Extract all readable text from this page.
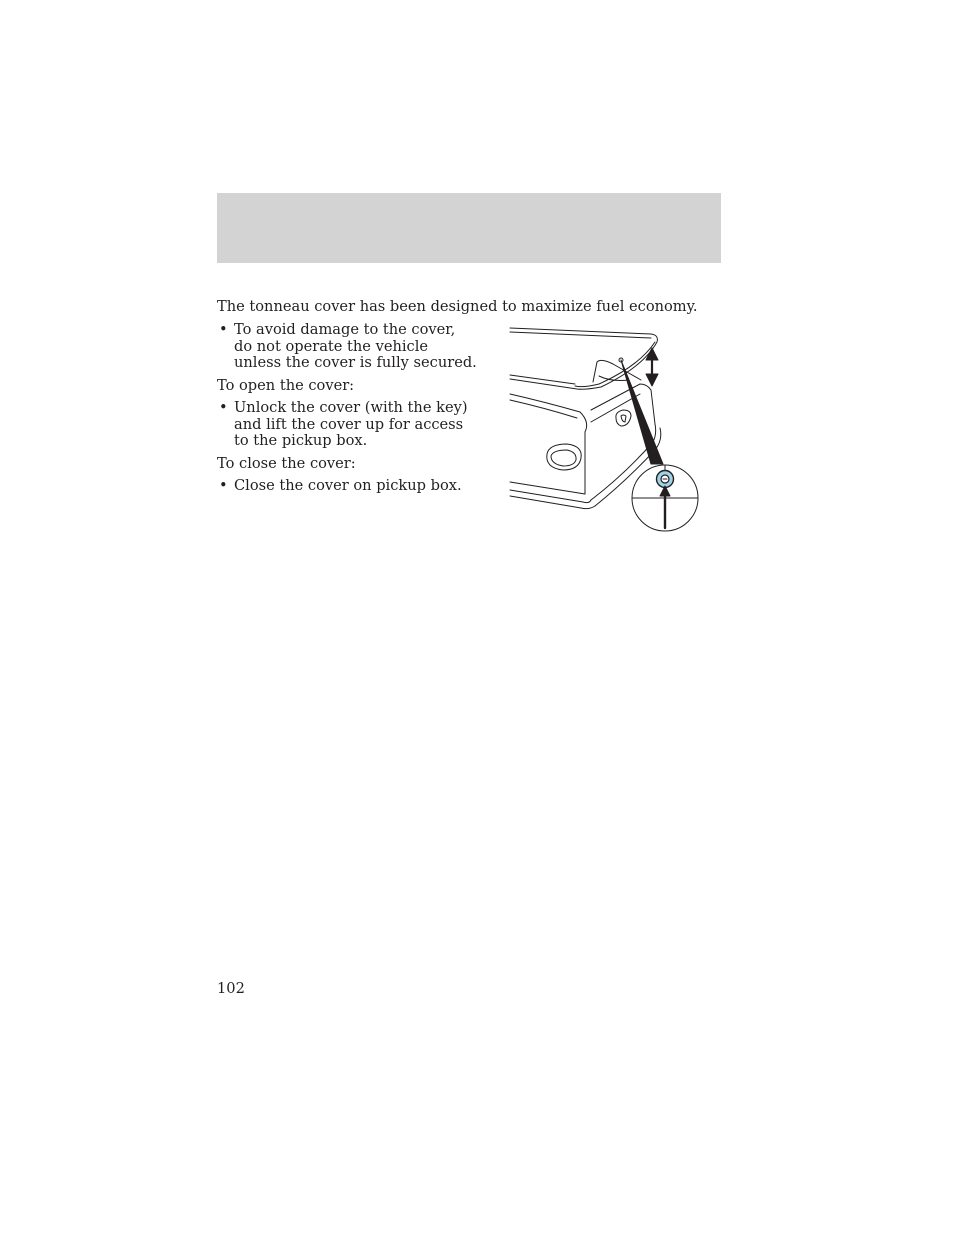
The tonneau cover has been designed to maximize fuel economy.
• To avoid damage to the cover, do not operate the vehicle unless the cover is fully secured.
To open the cover:
• Unlock the cover (with the key) and lift the cover up for access to the pickup box.
To close the cover:
• Close the cover on pickup box.
102
